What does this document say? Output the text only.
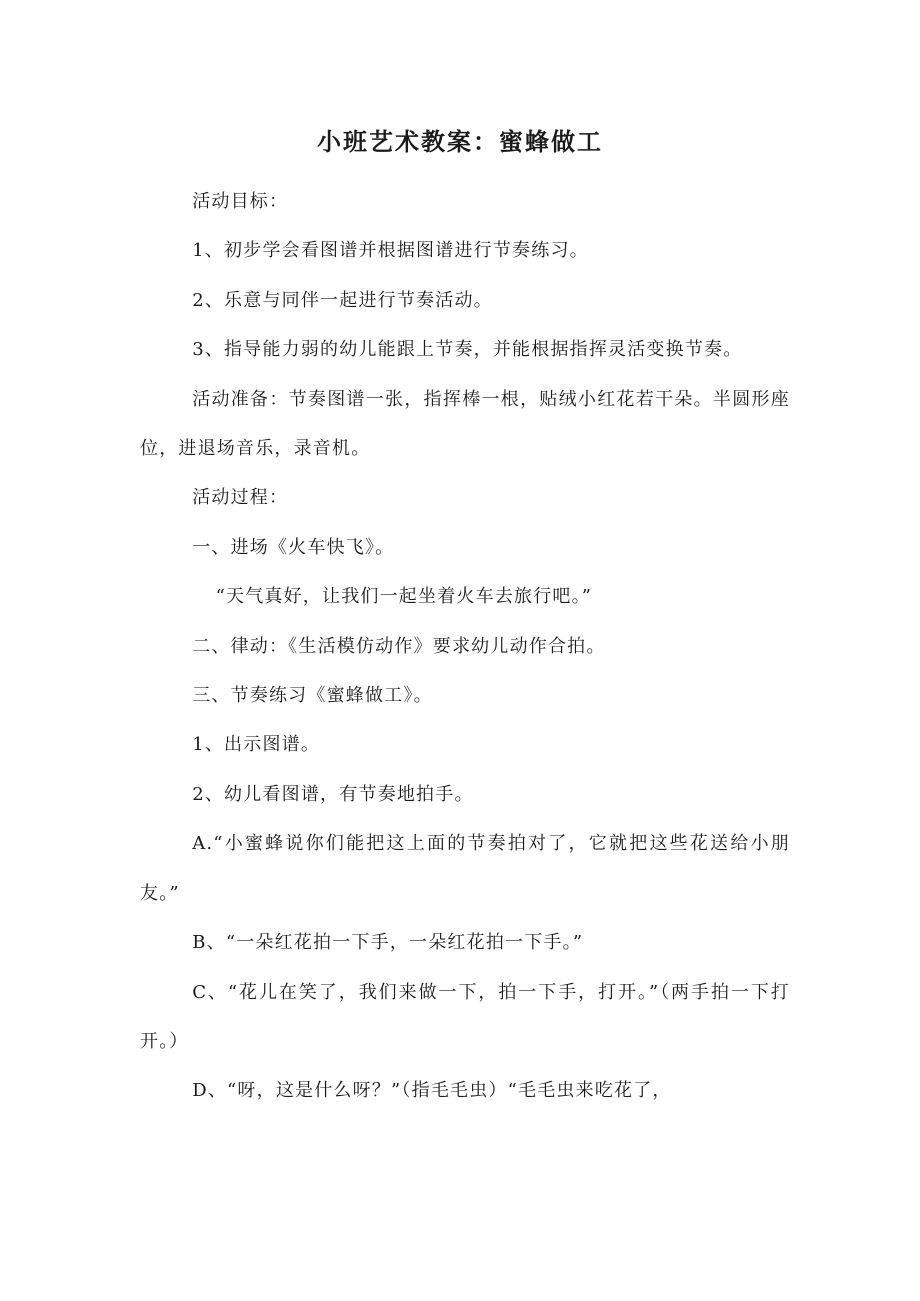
小班艺术教案：蜜蜂做工

活动目标：

1、初步学会看图谱并根据图谱进行节奏练习。

2、乐意与同伴一起进行节奏活动。

3、指导能力弱的幼儿能跟上节奏，并能根据指挥灵活变换节奏。

活动准备：节奏图谱一张，指挥棒一根，贴绒小红花若干朵。半圆形座位，进退场音乐，录音机。

活动过程：

一、进场《火车快飞》。

“天气真好，让我们一起坐着火车去旅行吧。”

二、律动：《生活模仿动作》要求幼儿动作合拍。

三、节奏练习《蜜蜂做工》。

1、出示图谱。

2、幼儿看图谱，有节奏地拍手。

A.“小蜜蜂说你们能把这上面的节奏拍对了，它就把这些花送给小朋友。”

B、“一朵红花拍一下手，一朵红花拍一下手。”

C、“花儿在笑了，我们来做一下，拍一下手，打开。”（两手拍一下打开。）

D、“呀，这是什么呀？”（指毛毛虫）“毛毛虫来吃花了，
